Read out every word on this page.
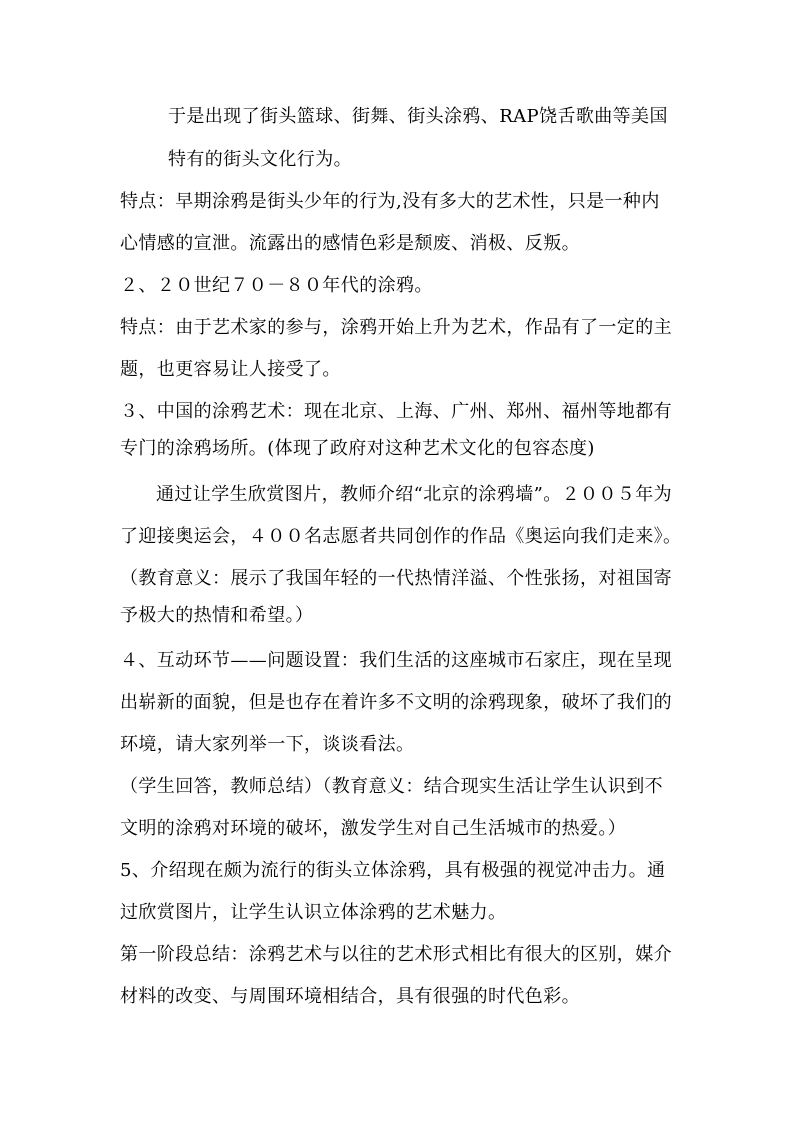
于是出现了街头篮球、街舞、街头涂鸦、RAP饶舌歌曲等美国
特有的街头文化行为。
特点：早期涂鸦是街头少年的行为,没有多大的艺术性，只是一种内
心情感的宣泄。流露出的感情色彩是颓废、消极、反叛。
２、２０世纪７０－８０年代的涂鸦。
特点：由于艺术家的参与，涂鸦开始上升为艺术，作品有了一定的主
题，也更容易让人接受了。
３、中国的涂鸦艺术：现在北京、上海、广州、郑州、福州等地都有
专门的涂鸦场所。(体现了政府对这种艺术文化的包容态度)
通过让学生欣赏图片，教师介绍“北京的涂鸦墙”。２００５年为
了迎接奥运会，４００名志愿者共同创作的作品《奥运向我们走来》。
（教育意义：展示了我国年轻的一代热情洋溢、个性张扬，对祖国寄
予极大的热情和希望。）
４、互动环节——问题设置：我们生活的这座城市石家庄，现在呈现
出崭新的面貌，但是也存在着许多不文明的涂鸦现象，破坏了我们的
环境，请大家列举一下，谈谈看法。
（学生回答，教师总结）（教育意义：结合现实生活让学生认识到不
文明的涂鸦对环境的破坏，激发学生对自己生活城市的热爱。）
5、介绍现在颇为流行的街头立体涂鸦，具有极强的视觉冲击力。通
过欣赏图片，让学生认识立体涂鸦的艺术魅力。
第一阶段总结：涂鸦艺术与以往的艺术形式相比有很大的区别，媒介
材料的改变、与周围环境相结合，具有很强的时代色彩。
